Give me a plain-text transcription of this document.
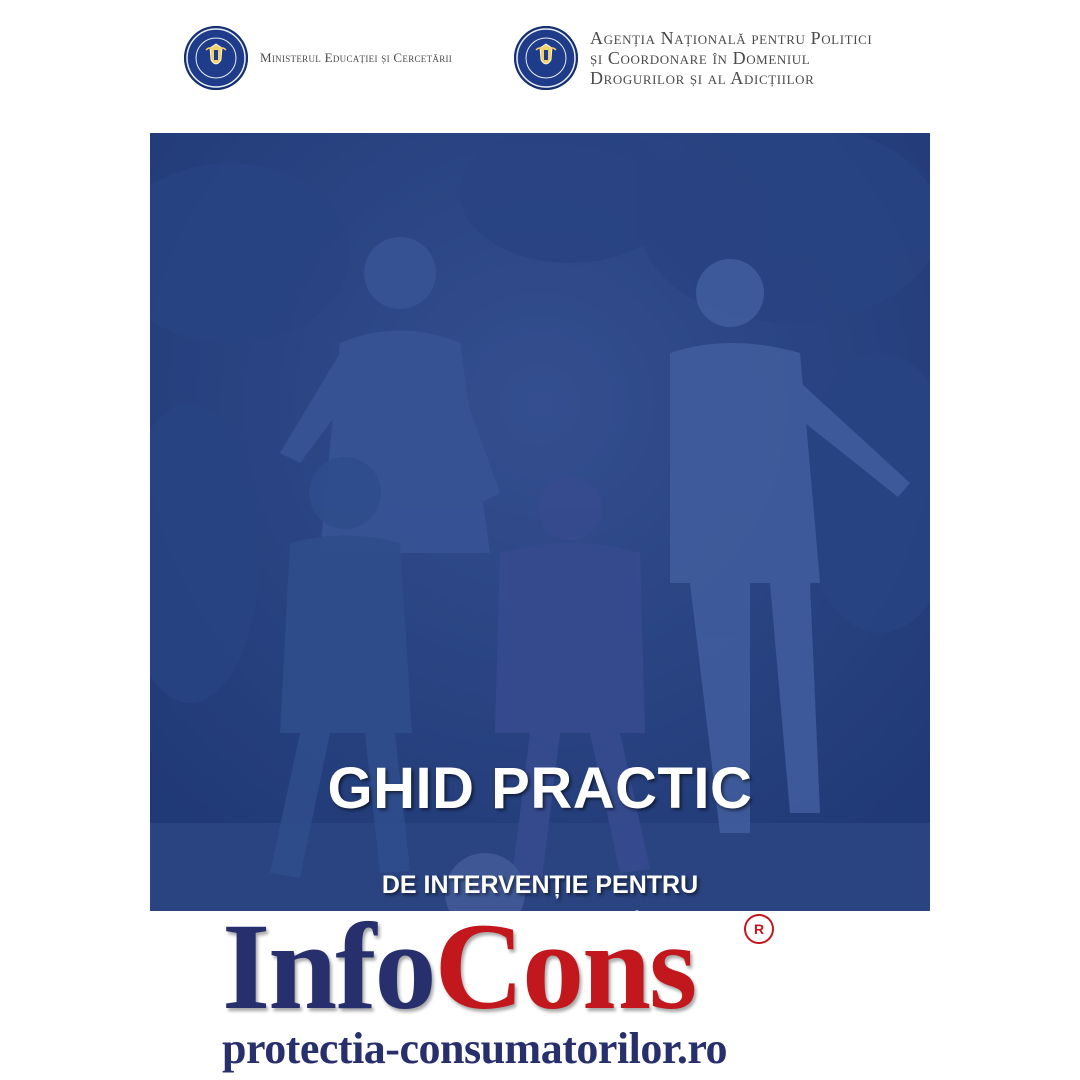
Ministerul Educației și Cercetării
Agenția Națională pentru Politici
și Coordonare în Domeniul
Drogurilor și al Adicțiilor
GHID PRACTIC
DE INTERVENȚIE PENTRU
InfoCons	R
protectia-consumatorilor.ro
